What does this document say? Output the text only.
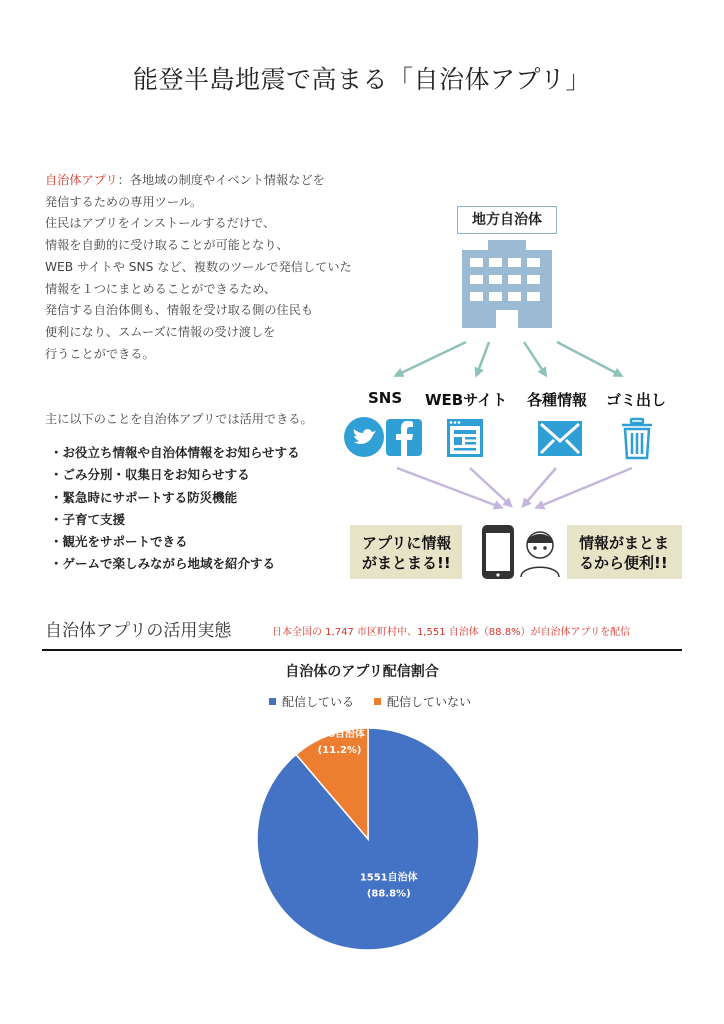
能登半島地震で高まる「自治体アプリ」
自治体アプリ：各地域の制度やイベント情報などを
発信するための専用ツール。
住民はアプリをインストールするだけで、
情報を自動的に受け取ることが可能となり、
WEB サイトや SNS など、複数のツールで発信していた
情報を１つにまとめることができるため、
発信する自治体側も、情報を受け取る側の住民も
便利になり、スムーズに情報の受け渡しを
行うことができる。
主に以下のことを自治体アプリでは活用できる。
・ お役立ち情報や自治体情報をお知らせする
・ ごみ分別・収集日をお知らせする
・ 緊急時にサポートする防災機能
・ 子育て支援
・ 観光をサポートできる
・ ゲームで楽しみながら地域を紹介する
地方自治体
SNS WEBサイト 各種情報 ゴミ出し
アプリに情報
がまとまる!!
情報がまとま
るから便利!!
自治体アプリの活用実態	日本全国の 1,747 市区町村中、1,551 自治体（88.8%）が自治体アプリを配信
自治体のアプリ配信割合
配信している	配信していない
1551自治体
(88.8%)
196自治体
(11.2%)
